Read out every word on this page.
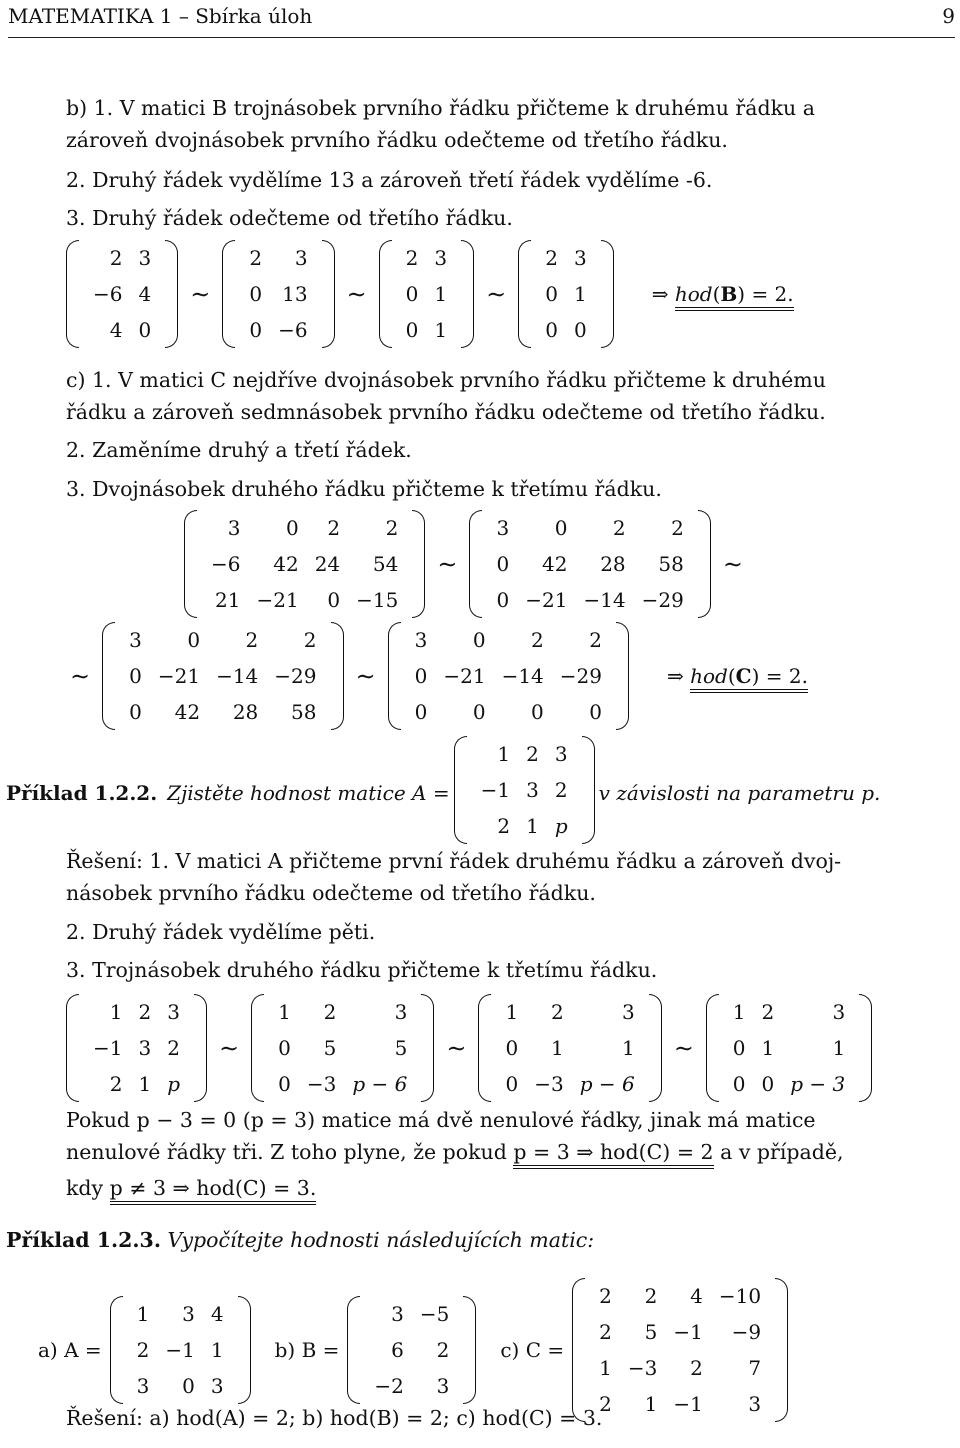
MATEMATIKA 1 – Sbírka úloh	9
b) 1. V matici B trojnásobek prvního řádku přičteme k druhému řádku a
zároveň dvojnásobek prvního řádku odečteme od třetího řádku.
2. Druhý řádek vydělíme 13 a zároveň třetí řádek vydělíme -6.
3. Druhý řádek odečteme od třetího řádku.
2	3
−6	4
4	0
∼
2	3
0	13
0	−6
∼
2	3
0	1
0	1
∼
2	3
0	1
0	0
⇒ hod(B) = 2.
c) 1. V matici C nejdříve dvojnásobek prvního řádku přičteme k druhému
řádku a zároveň sedmnásobek prvního řádku odečteme od třetího řádku.
2. Zaměníme druhý a třetí řádek.
3. Dvojnásobek druhého řádku přičteme k třetímu řádku.
3	0	2	2
−6	42	24	54
21	−21	0	−15
∼
3	0	2	2
0	42	28	58
0	−21	−14	−29
∼
∼
3	0	2	2
0	−21	−14	−29
0	42	28	58
∼
3	0	2	2
0	−21	−14	−29
0	0	0	0
⇒ hod(C) = 2.
Příklad 1.2.2. Zjistěte hodnost matice A =
1	2	3
−1	3	2
2	1	p
v závislosti na parametru p.
Řešení: 1. V matici A přičteme první řádek druhému řádku a zároveň dvoj-
násobek prvního řádku odečteme od třetího řádku.
2. Druhý řádek vydělíme pěti.
3. Trojnásobek druhého řádku přičteme k třetímu řádku.
1	2	3
−1	3	2
2	1	p
∼
1	2	3
0	5	5
0	−3	p − 6
∼
1	2	3
0	1	1
0	−3	p − 6
∼
1	2	3
0	1	1
0	0	p − 3
Pokud p − 3 = 0 (p = 3) matice má dvě nenulové řádky, jinak má matice
nenulové řádky tři. Z toho plyne, že pokud p = 3 ⇒ hod(C) = 2 a v případě,
kdy p ≠ 3 ⇒ hod(C) = 3.
Příklad 1.2.3. Vypočítejte hodnosti následujících matic:
a) A =
1	3	4
2	−1	1
3	0	3
b) B =
3	−5
6	2
−2	3
c) C =
2	2	4	−10
2	5	−1	−9
1	−3	2	7
2	1	−1	3
Řešení: a) hod(A) = 2; b) hod(B) = 2; c) hod(C) = 3.
